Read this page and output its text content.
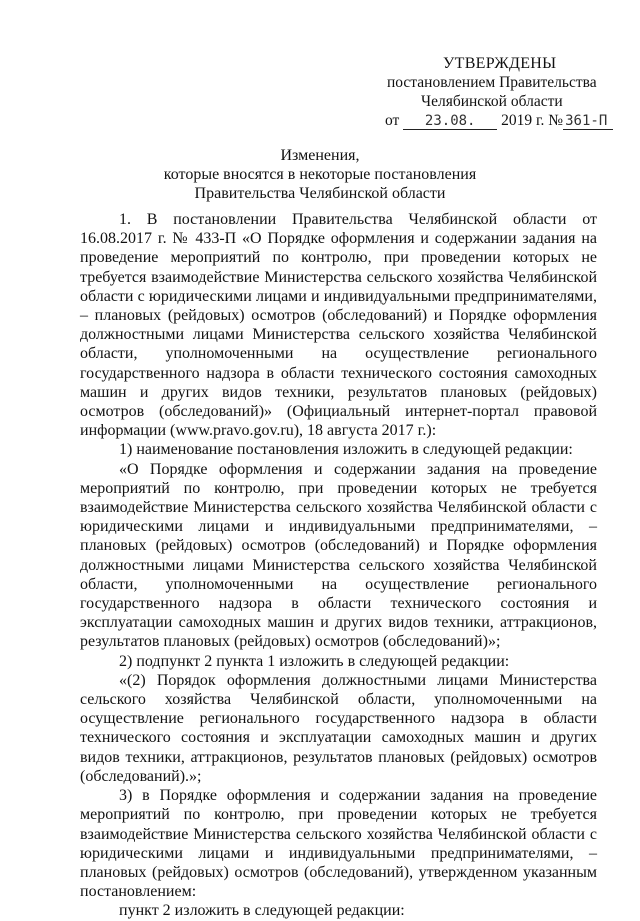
УТВЕРЖДЕНЫ
постановлением Правительства
Челябинской области
от 23.08. 2019 г. № 361-П
Изменения,
которые вносятся в некоторые постановления
Правительства Челябинской области

1. В постановлении Правительства Челябинской области от 16.08.2017 г. № 433-П «О Порядке оформления и содержании задания на проведение мероприятий по контролю, при проведении которых не требуется взаимодействие Министерства сельского хозяйства Челябинской области с юридическими лицами и индивидуальными предпринимателями, – плановых (рейдовых) осмотров (обследований) и Порядке оформления должностными лицами Министерства сельского хозяйства Челябинской области, уполномоченными на осуществление регионального государственного надзора в области технического состояния самоходных машин и других видов техники, результатов плановых (рейдовых) осмотров (обследований)» (Официальный интернет-портал правовой информации (www.pravo.gov.ru), 18 августа 2017 г.):

1) наименование постановления изложить в следующей редакции:

«О Порядке оформления и содержании задания на проведение мероприятий по контролю, при проведении которых не требуется взаимодействие Министерства сельского хозяйства Челябинской области с юридическими лицами и индивидуальными предпринимателями, – плановых (рейдовых) осмотров (обследований) и Порядке оформления должностными лицами Министерства сельского хозяйства Челябинской области, уполномоченными на осуществление регионального государственного надзора в области технического состояния и эксплуатации самоходных машин и других видов техники, аттракционов, результатов плановых (рейдовых) осмотров (обследований)»;

2) подпункт 2 пункта 1 изложить в следующей редакции:

«(2) Порядок оформления должностными лицами Министерства сельского хозяйства Челябинской области, уполномоченными на осуществление регионального государственного надзора в области технического состояния и эксплуатации самоходных машин и других видов техники, аттракционов, результатов плановых (рейдовых) осмотров (обследований).»;

3) в Порядке оформления и содержании задания на проведение мероприятий по контролю, при проведении которых не требуется взаимодействие Министерства сельского хозяйства Челябинской области с юридическими лицами и индивидуальными предпринимателями, – плановых (рейдовых) осмотров (обследований), утвержденном указанным постановлением:

пункт 2 изложить в следующей редакции:
